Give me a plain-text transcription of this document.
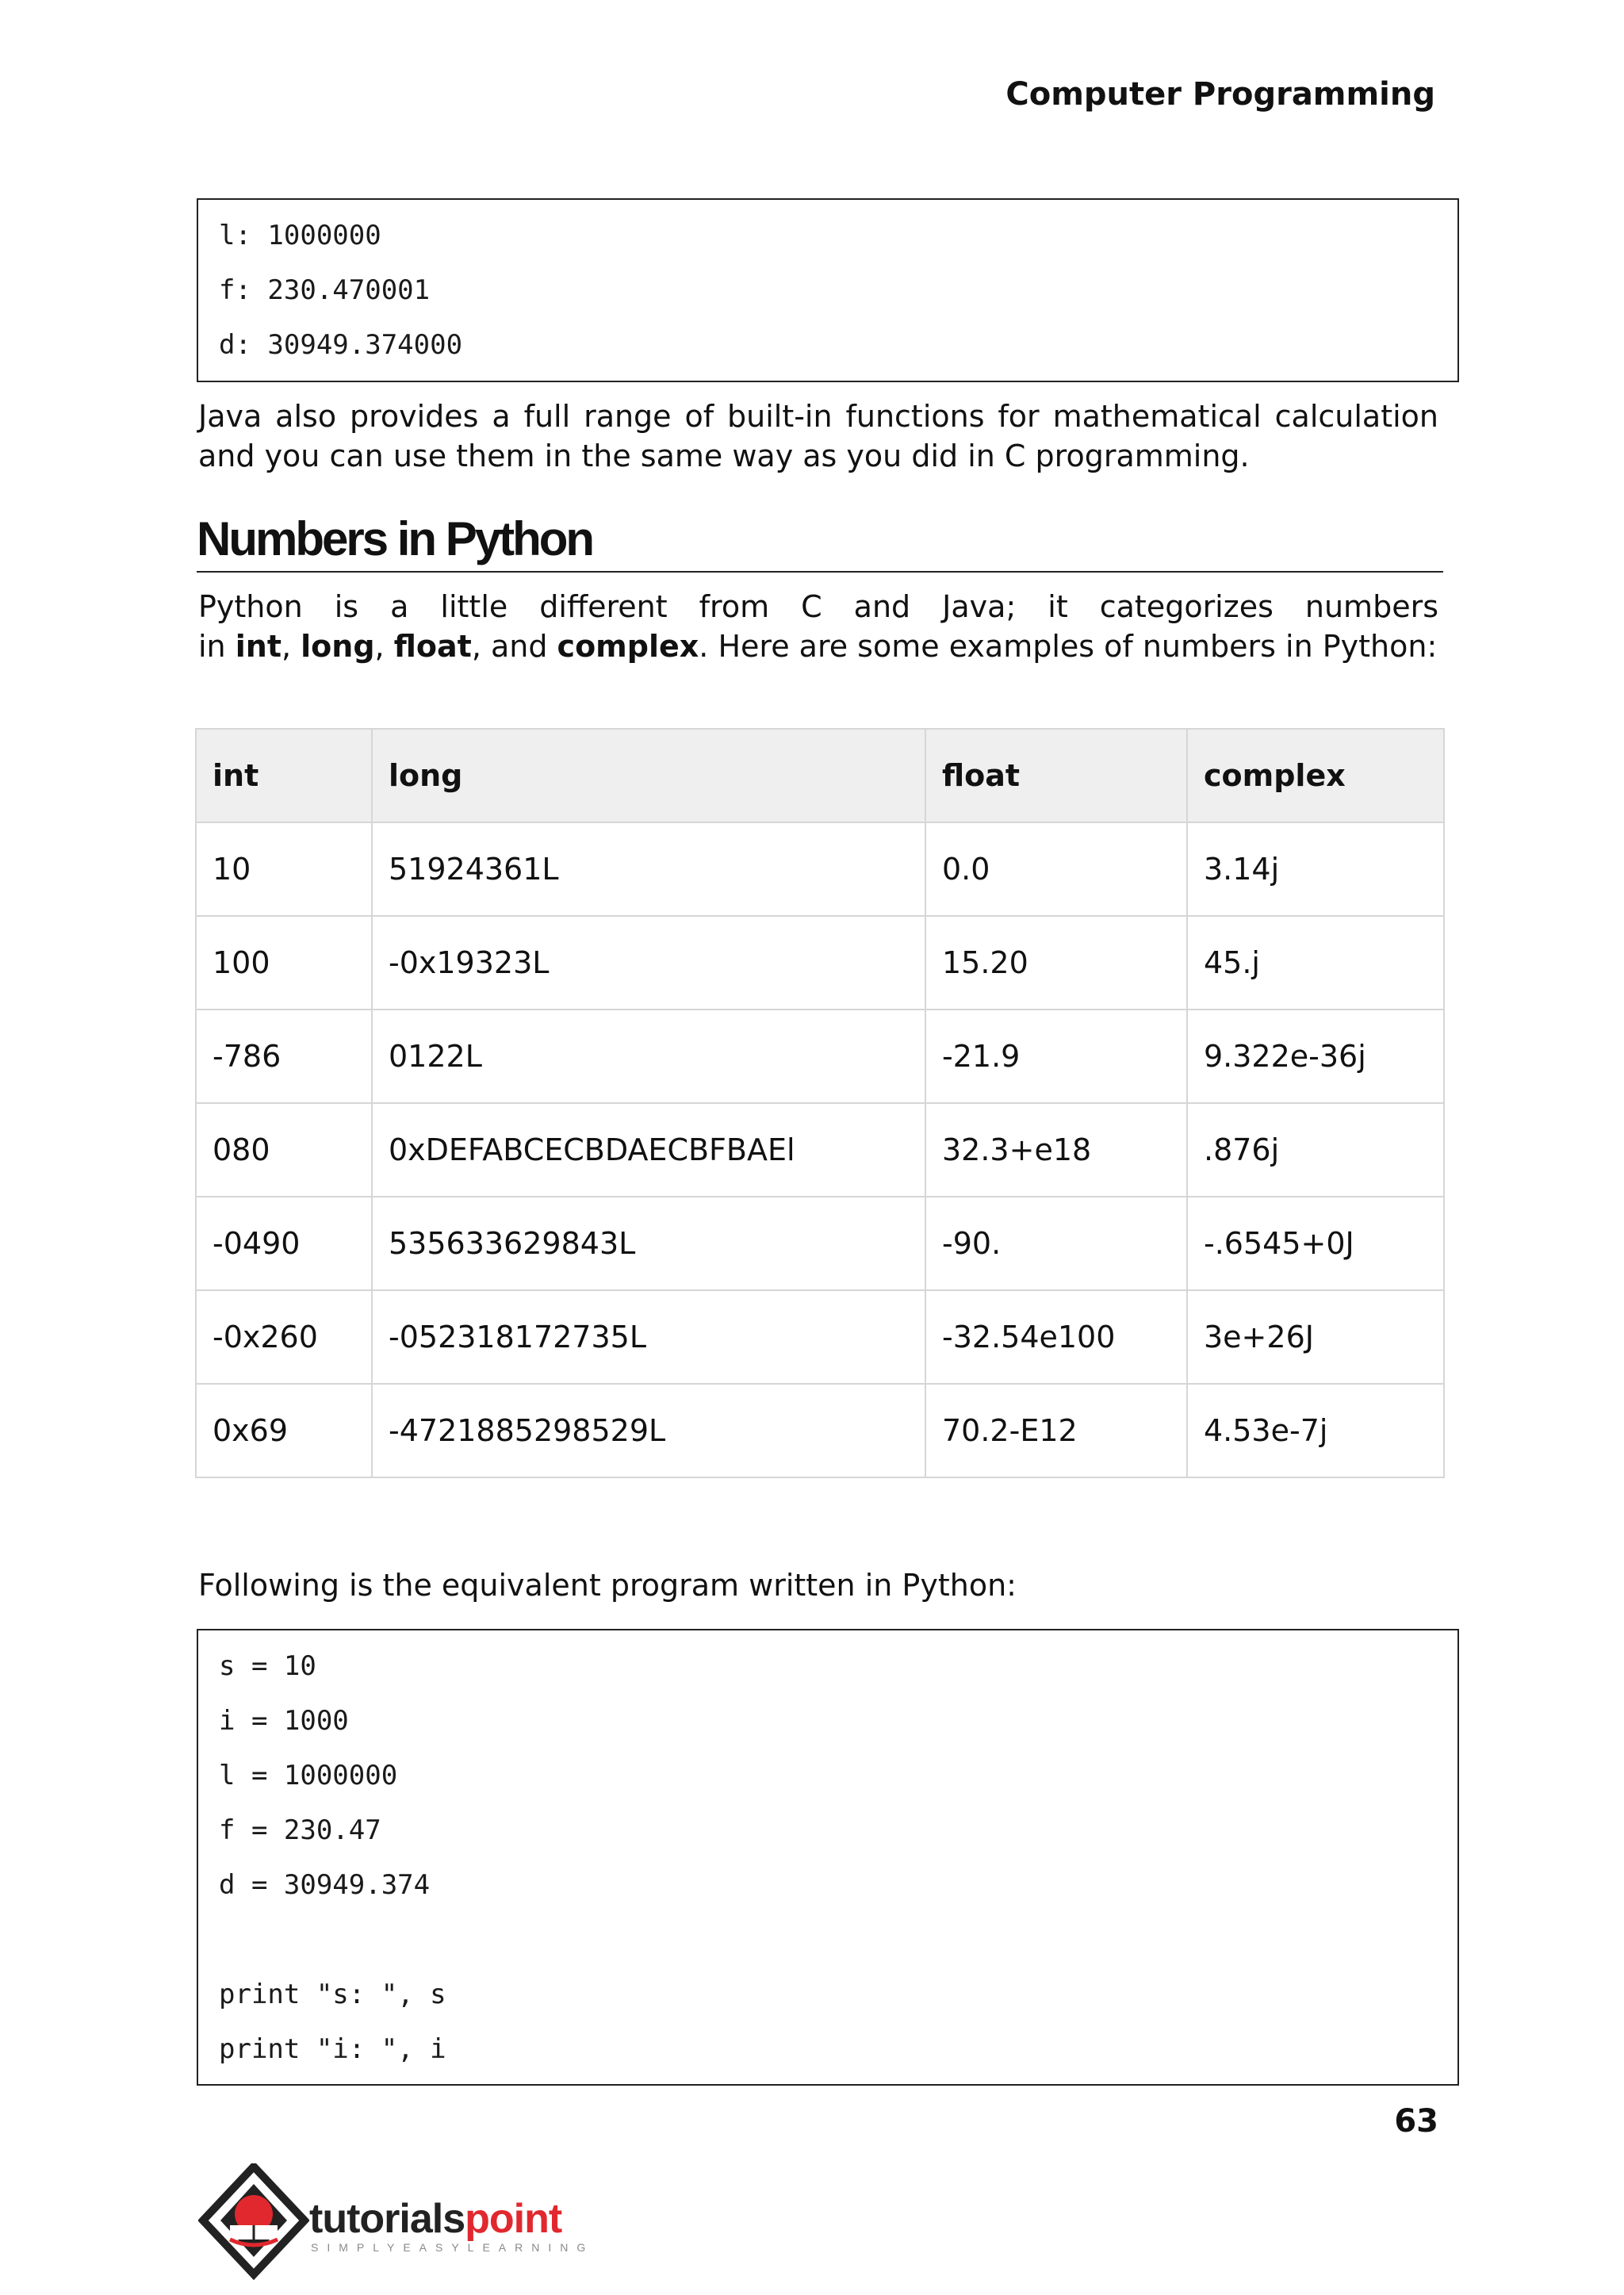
Computer Programming
l: 1000000
f: 230.470001
d: 30949.374000
Java also provides a full range of built-in functions for mathematical calculation and you can use them in the same way as you did in C programming.
Numbers in Python
Python is a little different from C and Java; it categorizes numbers
in int, long, float, and complex. Here are some examples of numbers in Python:
int	long	float	complex
10	51924361L	0.0	3.14j
100	-0x19323L	15.20	45.j
-786	0122L	-21.9	9.322e-36j
080	0xDEFABCECBDAECBFBAEl	32.3+e18	.876j
-0490	535633629843L	-90.	-.6545+0J
-0x260	-052318172735L	-32.54e100	3e+26J
0x69	-4721885298529L	70.2-E12	4.53e-7j
Following is the equivalent program written in Python:
s = 10
i = 1000
l = 1000000
f = 230.47
d = 30949.374
print "s: ", s
print "i: ", i
63
tutorialspoint
SIMPLYEASYLEARNING
